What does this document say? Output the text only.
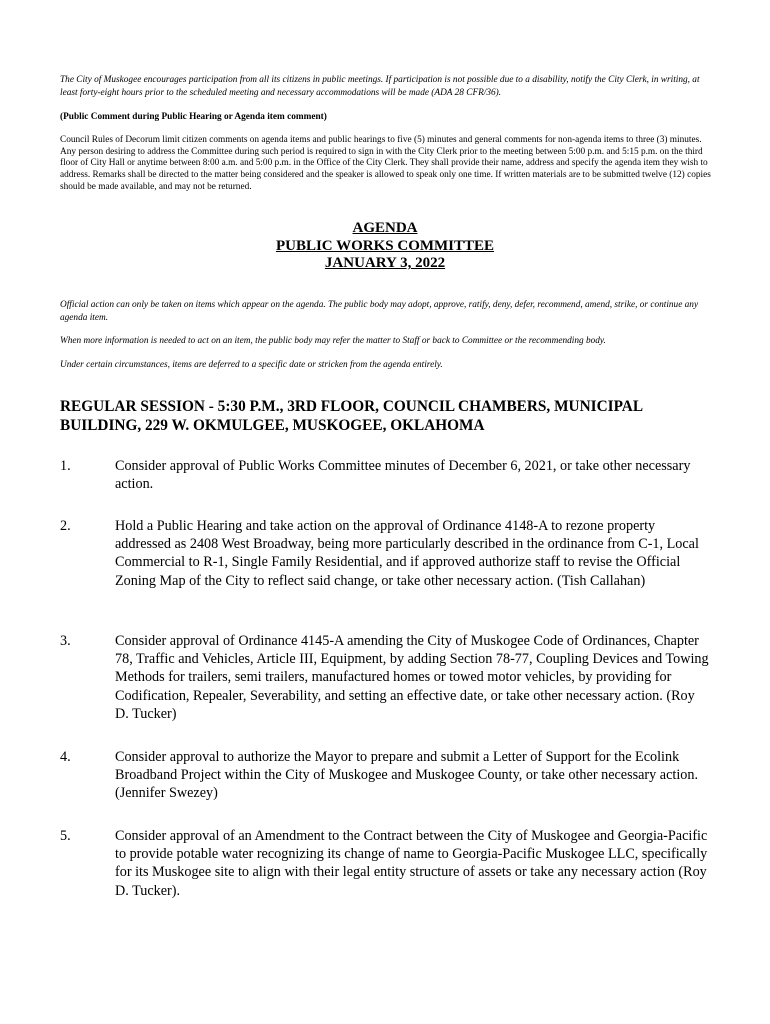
The City of Muskogee encourages participation from all its citizens in public meetings. If participation is not possible due to a disability, notify the City Clerk, in writing, at least forty-eight hours prior to the scheduled meeting and necessary accommodations will be made (ADA 28 CFR/36).

(Public Comment during Public Hearing or Agenda item comment)

Council Rules of Decorum limit citizen comments on agenda items and public hearings to five (5) minutes and general comments for non-agenda items to three (3) minutes. Any person desiring to address the Committee during such period is required to sign in with the City Clerk prior to the meeting between 5:00 p.m. and 5:15 p.m. on the third floor of City Hall or anytime between 8:00 a.m. and 5:00 p.m. in the Office of the City Clerk. They shall provide their name, address and specify the agenda item they wish to address. Remarks shall be directed to the matter being considered and the speaker is allowed to speak only one time. If written materials are to be submitted twelve (12) copies should be made available, and may not be returned.

AGENDA
PUBLIC WORKS COMMITTEE
JANUARY 3, 2022

Official action can only be taken on items which appear on the agenda. The public body may adopt, approve, ratify, deny, defer, recommend, amend, strike, or continue any agenda item.

When more information is needed to act on an item, the public body may refer the matter to Staff or back to Committee or the recommending body.

Under certain circumstances, items are deferred to a specific date or stricken from the agenda entirely.

REGULAR SESSION - 5:30 P.M., 3RD FLOOR, COUNCIL CHAMBERS, MUNICIPAL BUILDING, 229 W. OKMULGEE, MUSKOGEE, OKLAHOMA

1.	Consider approval of Public Works Committee minutes of December 6, 2021, or take other necessary action.
2.	Hold a Public Hearing and take action on the approval of Ordinance 4148-A to rezone property addressed as 2408 West Broadway, being more particularly described in the ordinance from C-1, Local Commercial to R-1, Single Family Residential, and if approved authorize staff to revise the Official Zoning Map of the City to reflect said change, or take other necessary action. (Tish Callahan)
3.	Consider approval of Ordinance 4145-A amending the City of Muskogee Code of Ordinances, Chapter 78, Traffic and Vehicles, Article III, Equipment, by adding Section 78-77, Coupling Devices and Towing Methods for trailers, semi trailers, manufactured homes or towed motor vehicles, by providing for Codification, Repealer, Severability, and setting an effective date, or take other necessary action. (Roy D. Tucker)
4.	Consider approval to authorize the Mayor to prepare and submit a Letter of Support for the Ecolink Broadband Project within the City of Muskogee and Muskogee County, or take other necessary action. (Jennifer Swezey)
5.	Consider approval of an Amendment to the Contract between the City of Muskogee and Georgia-Pacific to provide potable water recognizing its change of name to Georgia-Pacific Muskogee LLC, specifically for its Muskogee site to align with their legal entity structure of assets or take any necessary action (Roy D. Tucker).
